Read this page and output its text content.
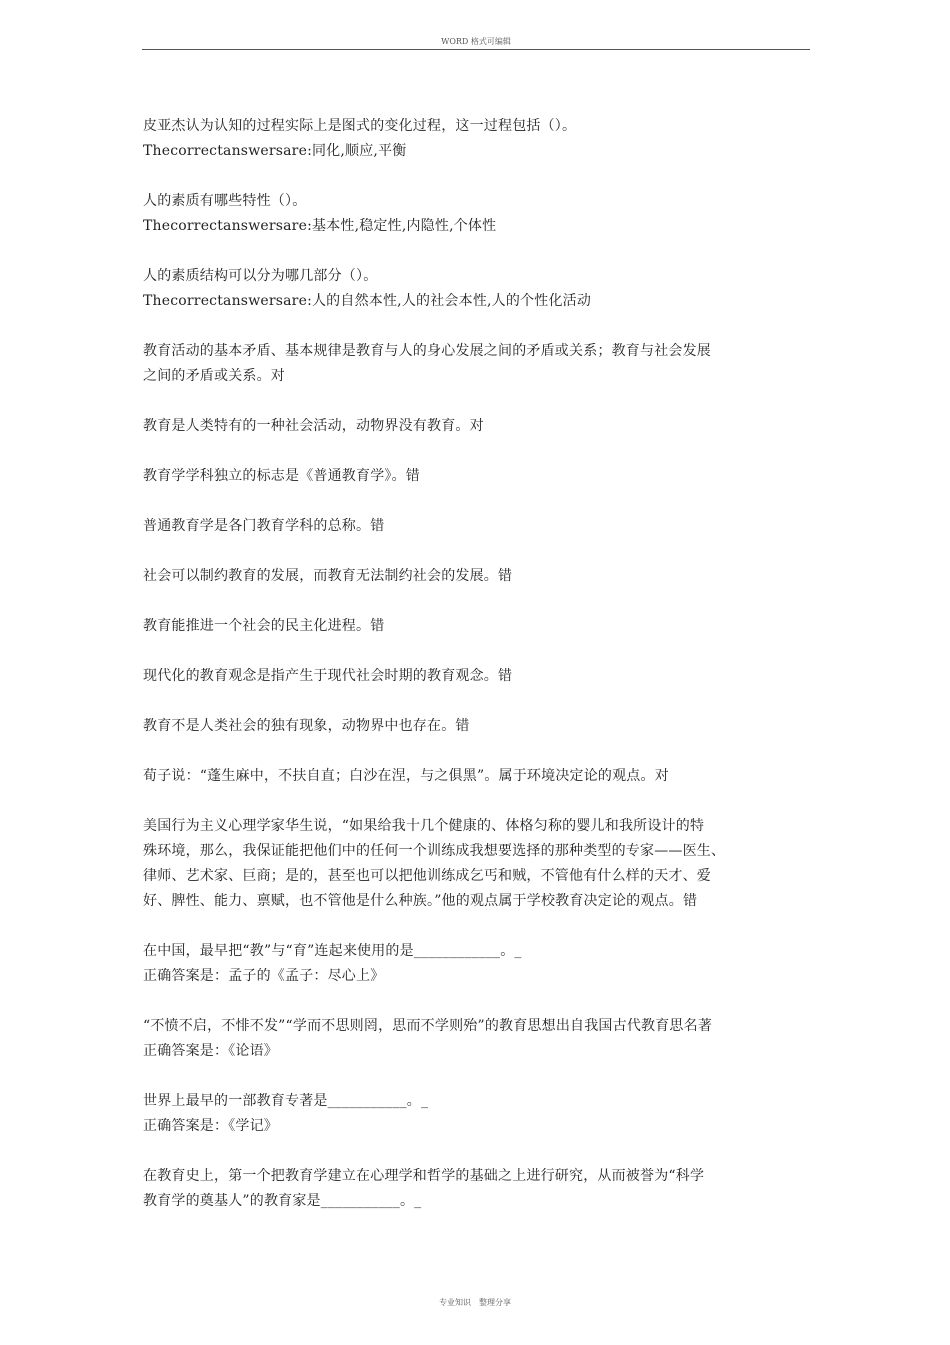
WORD 格式可编辑
皮亚杰认为认知的过程实际上是图式的变化过程，这一过程包括（）。
Thecorrectanswersare:同化,顺应,平衡
人的素质有哪些特性（）。
Thecorrectanswersare:基本性,稳定性,内隐性,个体性
人的素质结构可以分为哪几部分（）。
Thecorrectanswersare:人的自然本性,人的社会本性,人的个性化活动
教育活动的基本矛盾、基本规律是教育与人的身心发展之间的矛盾或关系；教育与社会发展
之间的矛盾或关系。对
教育是人类特有的一种社会活动，动物界没有教育。对
教育学学科独立的标志是《普通教育学》。错
普通教育学是各门教育学科的总称。错
社会可以制约教育的发展，而教育无法制约社会的发展。错
教育能推进一个社会的民主化进程。错
现代化的教育观念是指产生于现代社会时期的教育观念。错
教育不是人类社会的独有现象，动物界中也存在。错
荀子说：“蓬生麻中，不扶自直；白沙在涅，与之俱黑”。属于环境决定论的观点。对
美国行为主义心理学家华生说，“如果给我十几个健康的、体格匀称的婴儿和我所设计的特
殊环境，那么，我保证能把他们中的任何一个训练成我想要选择的那种类型的专家——医生、
律师、艺术家、巨商；是的，甚至也可以把他训练成乞丐和贼，不管他有什么样的天才、爱
好、脾性、能力、禀赋，也不管他是什么种族。”他的观点属于学校教育决定论的观点。错
在中国，最早把“教”与“育”连起来使用的是____________。_
正确答案是：孟子的《孟子：尽心上》
“不愤不启，不悱不发”“学而不思则罔，思而不学则殆”的教育思想出自我国古代教育思名著
正确答案是：《论语》
世界上最早的一部教育专著是___________。_
正确答案是：《学记》
在教育史上，第一个把教育学建立在心理学和哲学的基础之上进行研究，从而被誉为“科学
教育学的奠基人”的教育家是___________。_
专业知识　整理分享
